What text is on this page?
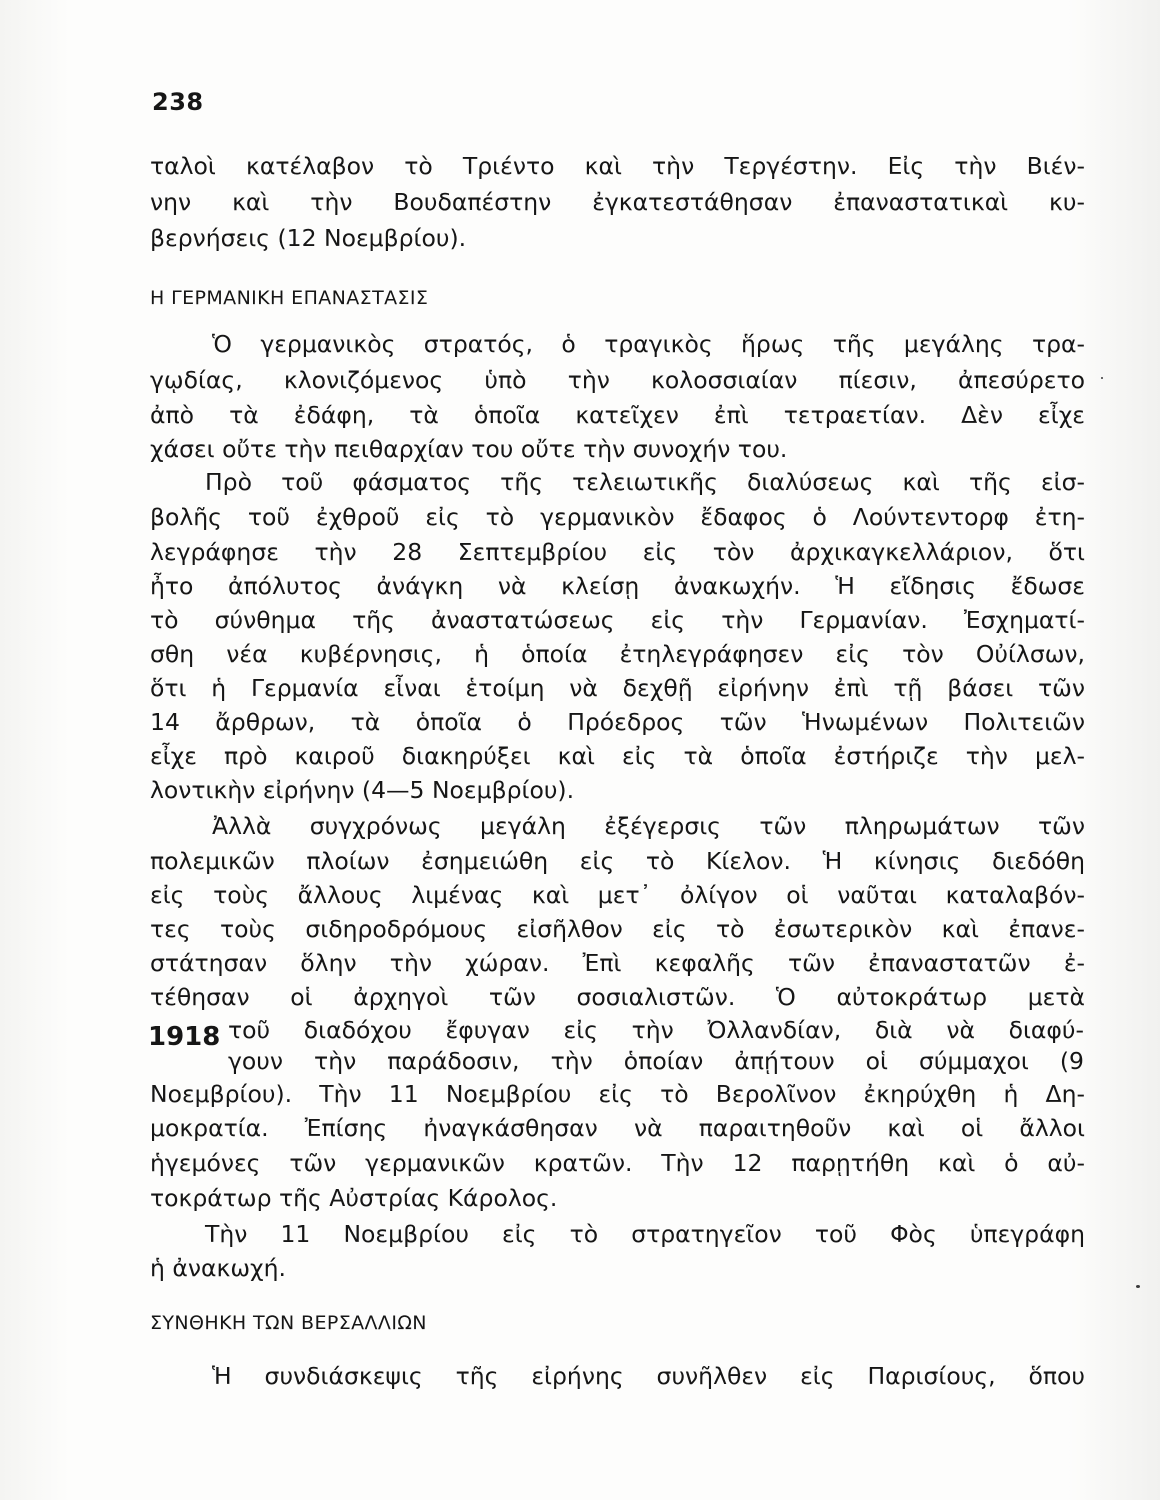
238
ταλοὶ κατέλαβον τὸ Τριέντο καὶ τὴν Τεργέστην. Εἰς τὴν Βιέν-
νην καὶ τὴν Βουδαπέστην ἐγκατεστάθησαν ἐπαναστατικαὶ κυ-
βερνήσεις (12 Νοεμβρίου).
Η ΓΕΡΜΑΝΙΚΗ ΕΠΑΝΑΣΤΑΣΙΣ
Ὁ γερμανικὸς στρατός, ὁ τραγικὸς ἥρως τῆς μεγάλης τρα-
γῳδίας, κλονιζόμενος ὑπὸ τὴν κολοσσιαίαν πίεσιν, ἀπεσύρετο
ἀπὸ τὰ ἐδάφη, τὰ ὁποῖα κατεῖχεν ἐπὶ τετραετίαν. Δὲν εἶχε
χάσει οὔτε τὴν πειθαρχίαν του οὔτε τὴν συνοχήν του.
Πρὸ τοῦ φάσματος τῆς τελειωτικῆς διαλύσεως καὶ τῆς εἰσ-
βολῆς τοῦ ἐχθροῦ εἰς τὸ γερμανικὸν ἔδαφος ὁ Λούντεντορφ ἐτη-
λεγράφησε τὴν 28 Σεπτεμβρίου εἰς τὸν ἀρχικαγκελλάριον, ὅτι
ἦτο ἀπόλυτος ἀνάγκη νὰ κλείσῃ ἀνακωχήν. Ἡ εἴδησις ἔδωσε
τὸ σύνθημα τῆς ἀναστατώσεως εἰς τὴν Γερμανίαν. Ἐσχηματί-
σθη νέα κυβέρνησις, ἡ ὁποία ἐτηλεγράφησεν εἰς τὸν Οὐίλσων,
ὅτι ἡ Γερμανία εἶναι ἑτοίμη νὰ δεχθῇ εἰρήνην ἐπὶ τῇ βάσει τῶν
14 ἄρθρων, τὰ ὁποῖα ὁ Πρόεδρος τῶν Ἡνωμένων Πολιτειῶν
εἶχε πρὸ καιροῦ διακηρύξει καὶ εἰς τὰ ὁποῖα ἐστήριζε τὴν μελ-
λοντικὴν εἰρήνην (4—5 Νοεμβρίου).
Ἀλλὰ συγχρόνως μεγάλη ἐξέγερσις τῶν πληρωμάτων τῶν
πολεμικῶν πλοίων ἐσημειώθη εἰς τὸ Κίελον. Ἡ κίνησις διεδόθη
εἰς τοὺς ἄλλους λιμένας καὶ μετ᾿ ὀλίγον οἱ ναῦται καταλαβόν-
τες τοὺς σιδηροδρόμους εἰσῆλθον εἰς τὸ ἐσωτερικὸν καὶ ἐπανε-
στάτησαν ὅλην τὴν χώραν. Ἐπὶ κεφαλῆς τῶν ἐπαναστατῶν ἐ-
τέθησαν οἱ ἀρχηγοὶ τῶν σοσιαλιστῶν. Ὁ αὐτοκράτωρ μετὰ
1918 τοῦ διαδόχου ἔφυγαν εἰς τὴν Ὀλλανδίαν, διὰ νὰ διαφύ-
γουν τὴν παράδοσιν, τὴν ὁποίαν ἀπῄτουν οἱ σύμμαχοι (9
Νοεμβρίου). Τὴν 11 Νοεμβρίου εἰς τὸ Βερολῖνον ἐκηρύχθη ἡ Δη-
μοκρατία. Ἐπίσης ἠναγκάσθησαν νὰ παραιτηθοῦν καὶ οἱ ἄλλοι
ἡγεμόνες τῶν γερμανικῶν κρατῶν. Τὴν 12 παρῃτήθη καὶ ὁ αὐ-
τοκράτωρ τῆς Αὐστρίας Κάρολος.
Τὴν 11 Νοεμβρίου εἰς τὸ στρατηγεῖον τοῦ Φὸς ὑπεγράφη
ἡ ἀνακωχή.
ΣΥΝΘΗΚΗ ΤΩΝ ΒΕΡΣΑΛΛΙΩΝ
Ἡ συνδιάσκεψις τῆς εἰρήνης συνῆλθεν εἰς Παρισίους, ὅπου
